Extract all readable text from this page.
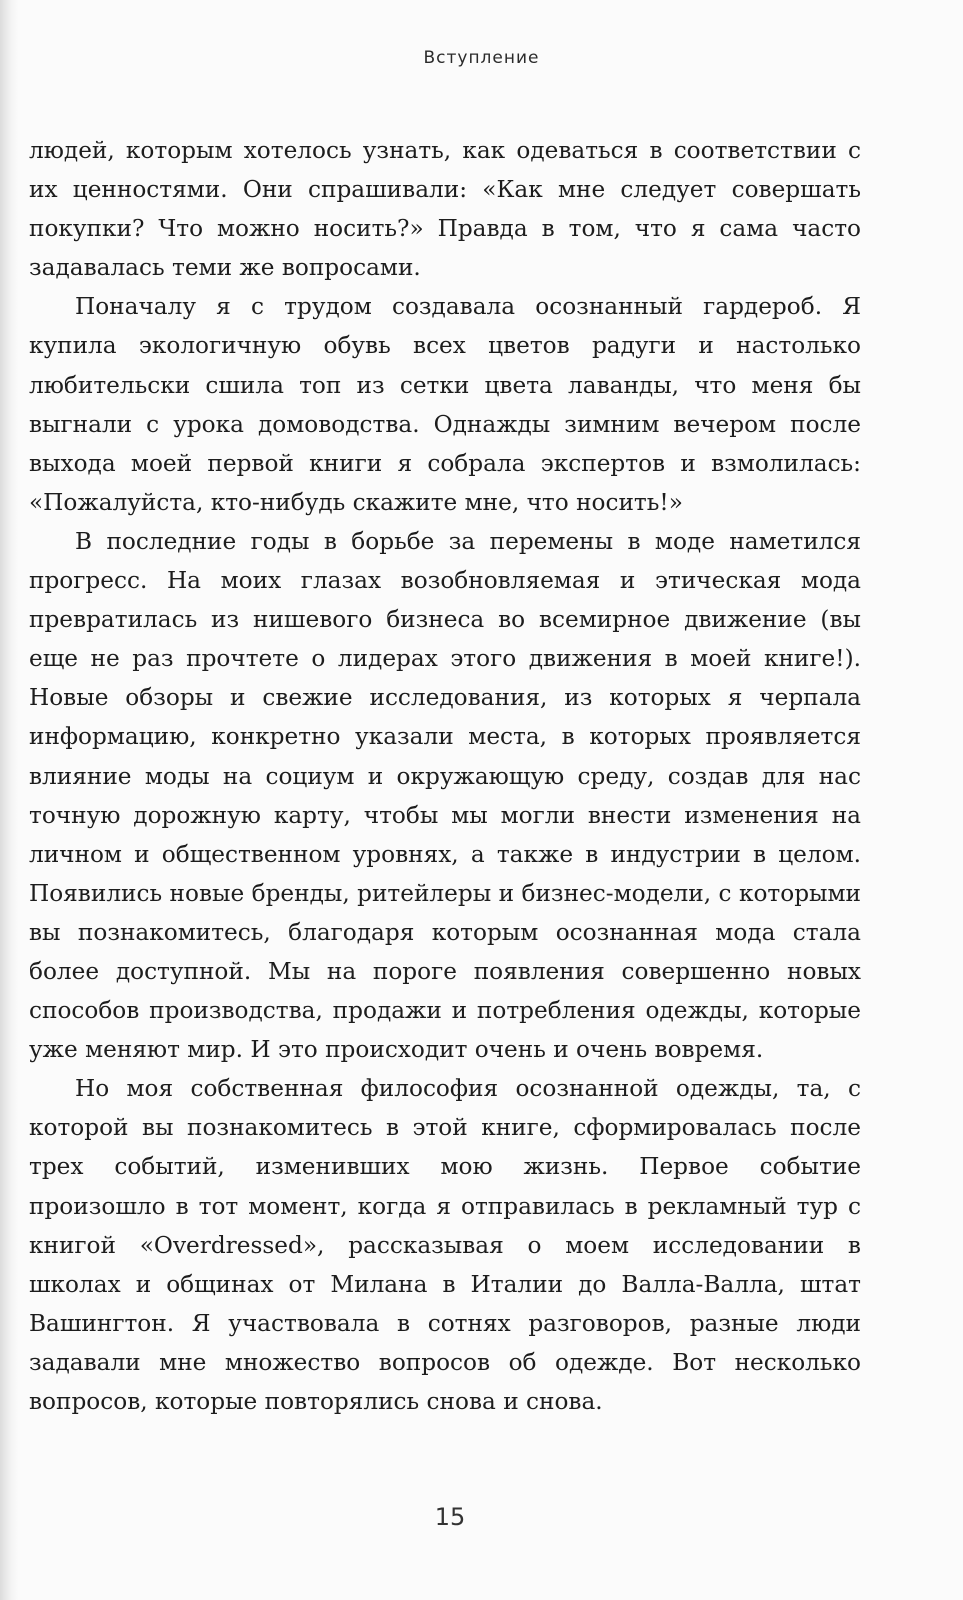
Вступление

людей, которым хотелось узнать, как одеваться в соответствии с их ценностями. Они спрашивали: «Как мне следует совершать покупки? Что можно носить?» Правда в том, что я сама часто задавалась теми же вопросами.

Поначалу я с трудом создавала осознанный гардероб. Я купила экологичную обувь всех цветов радуги и настолько любительски сшила топ из сетки цвета лаванды, что меня бы выгнали с урока домоводства. Однажды зимним вечером после выхода моей первой книги я собрала экспертов и взмолилась: «Пожалуйста, кто-нибудь скажите мне, что носить!»

В последние годы в борьбе за перемены в моде наметился прогресс. На моих глазах возобновляемая и этическая мода превратилась из нишевого бизнеса во всемирное движение (вы еще не раз прочтете о лидерах этого движения в моей книге!). Новые обзоры и свежие исследования, из которых я черпала информацию, конкретно указали места, в которых проявляется влияние моды на социум и окружающую среду, создав для нас точную дорожную карту, чтобы мы могли внести изменения на личном и общественном уровнях, а также в индустрии в целом. Появились новые бренды, ритейлеры и бизнес-модели, с которыми вы познакомитесь, благодаря которым осознанная мода стала более доступной. Мы на пороге появления совершенно новых способов производства, продажи и потребления одежды, которые уже меняют мир. И это происходит очень и очень вовремя.

Но моя собственная философия осознанной одежды, та, с которой вы познакомитесь в этой книге, сформировалась после трех событий, изменивших мою жизнь. Первое событие произошло в тот момент, когда я отправилась в рекламный тур с книгой «Overdressed», рассказывая о моем исследовании в школах и общинах от Милана в Италии до Валла-Валла, штат Вашингтон. Я участвовала в сотнях разговоров, разные люди задавали мне множество вопросов об одежде. Вот несколько вопросов, которые повторялись снова и снова.

15
